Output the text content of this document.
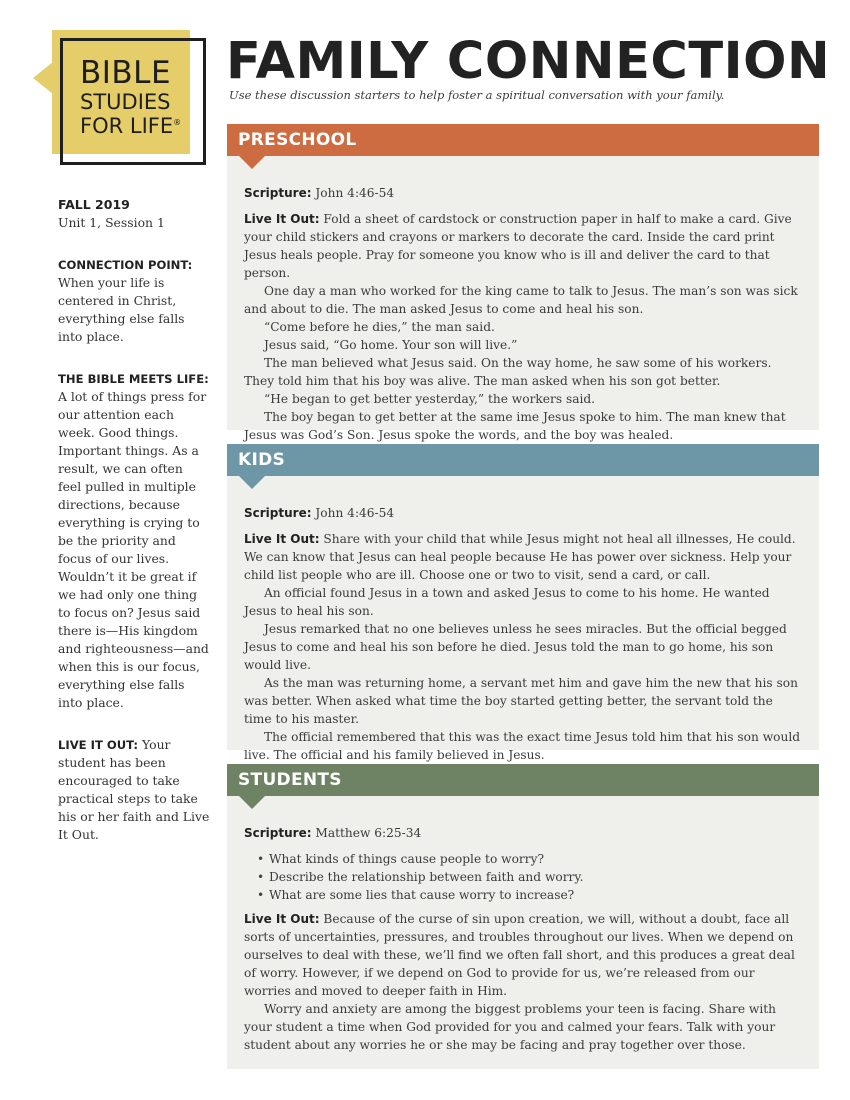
BIBLE
STUDIES
FOR LIFE®
FAMILY CONNECTION

Use these discussion starters to help foster a spiritual conversation with your family.

FALL 2019
Unit 1, Session 1

CONNECTION POINT: When your life is centered in Christ, everything else falls into place.

THE BIBLE MEETS LIFE: A lot of things press for our attention each week. Good things. Important things. As a result, we can often feel pulled in multiple directions, because everything is crying to be the priority and focus of our lives. Wouldn’t it be great if we had only one thing to focus on? Jesus said there is—His kingdom and righteousness—and when this is our focus, everything else falls into place.

LIVE IT OUT: Your student has been encouraged to take practical steps to take his or her faith and Live It Out.

PRESCHOOL

Scripture: John 4:46-54

Live It Out: Fold a sheet of cardstock or construction paper in half to make a card. Give your child stickers and crayons or markers to decorate the card. Inside the card print Jesus heals people. Pray for someone you know who is ill and deliver the card to that person.

One day a man who worked for the king came to talk to Jesus. The man’s son was sick and about to die. The man asked Jesus to come and heal his son.

“Come before he dies,” the man said.

Jesus said, “Go home. Your son will live.”

The man believed what Jesus said. On the way home, he saw some of his workers. They told him that his boy was alive. The man asked when his son got better.

“He began to get better yesterday,” the workers said.

The boy began to get better at the same ime Jesus spoke to him. The man knew that Jesus was God’s Son. Jesus spoke the words, and the boy was healed.

KIDS

Scripture: John 4:46-54

Live It Out: Share with your child that while Jesus might not heal all illnesses, He could. We can know that Jesus can heal people because He has power over sickness. Help your child list people who are ill. Choose one or two to visit, send a card, or call.

An official found Jesus in a town and asked Jesus to come to his home. He wanted Jesus to heal his son.

Jesus remarked that no one believes unless he sees miracles. But the official begged Jesus to come and heal his son before he died. Jesus told the man to go home, his son would live.

As the man was returning home, a servant met him and gave him the new that his son was better. When asked what time the boy started getting better, the servant told the time to his master.

The official remembered that this was the exact time Jesus told him that his son would live. The official and his family believed in Jesus.

STUDENTS

Scripture: Matthew 6:25-34

• What kinds of things cause people to worry?
• Describe the relationship between faith and worry.
• What are some lies that cause worry to increase?

Live It Out: Because of the curse of sin upon creation, we will, without a doubt, face all sorts of uncertainties, pressures, and troubles throughout our lives. When we depend on ourselves to deal with these, we’ll find we often fall short, and this produces a great deal of worry. However, if we depend on God to provide for us, we’re released from our worries and moved to deeper faith in Him.

Worry and anxiety are among the biggest problems your teen is facing. Share with your student a time when God provided for you and calmed your fears. Talk with your student about any worries he or she may be facing and pray together over those.
